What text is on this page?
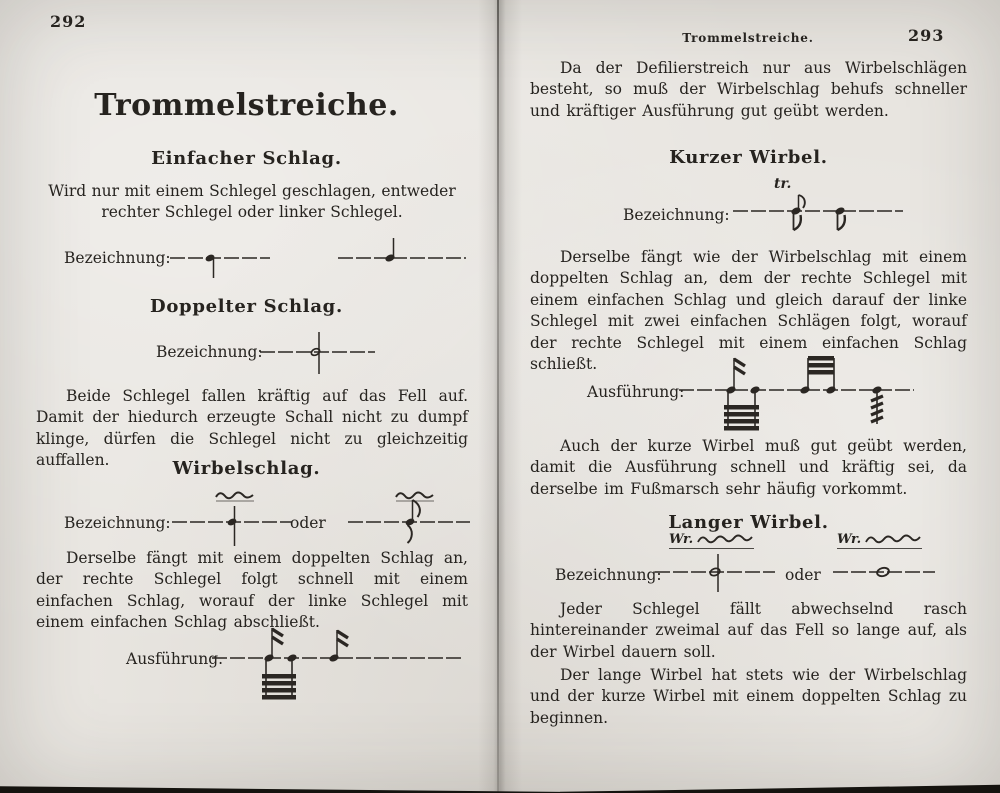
292
Trommelstreiche.
Einfacher Schlag.

Wird nur mit einem Schlegel geschlagen, entweder rechter Schlegel oder linker Schlegel.

Bezeichnung:
Doppelter Schlag.
Bezeichnung:

Beide Schlegel fallen kräftig auf das Fell auf. Damit der hiedurch erzeugte Schall nicht zu dumpf klinge, dürfen die Schlegel nicht zu gleichzeitig auffallen.	Wirbelschlag.
Bezeichnung:	oder

Derselbe fängt mit einem doppelten Schlag an, der rechte Schlegel folgt schnell mit einem einfachen Schlag, worauf der linke Schlegel mit einem einfachen Schlag abschließt.

Ausführung.
Trommelstreiche.	293

Da der Defilierstreich nur aus Wirbelschlägen besteht, so muß der Wirbelschlag behufs schneller und kräftiger Ausführung gut geübt werden.

Kurzer Wirbel.
tr.
Bezeichnung:

Derselbe fängt wie der Wirbelschlag mit einem doppelten Schlag an, dem der rechte Schlegel mit einem einfachen Schlag und gleich darauf der linke Schlegel mit zwei einfachen Schlägen folgt, worauf der rechte Schlegel mit einem einfachen Schlag schließt.

Ausführung:

Auch der kurze Wirbel muß gut geübt werden, damit die Ausführung schnell und kräftig sei, da derselbe im Fußmarsch sehr häufig vorkommt.

Langer Wirbel.
Wr.	Wr.
Bezeichnung:	oder

Jeder Schlegel fällt abwechselnd rasch hintereinander zweimal auf das Fell so lange auf, als der Wirbel dauern soll.

Der lange Wirbel hat stets wie der Wirbelschlag und der kurze Wirbel mit einem doppelten Schlag zu beginnen.
